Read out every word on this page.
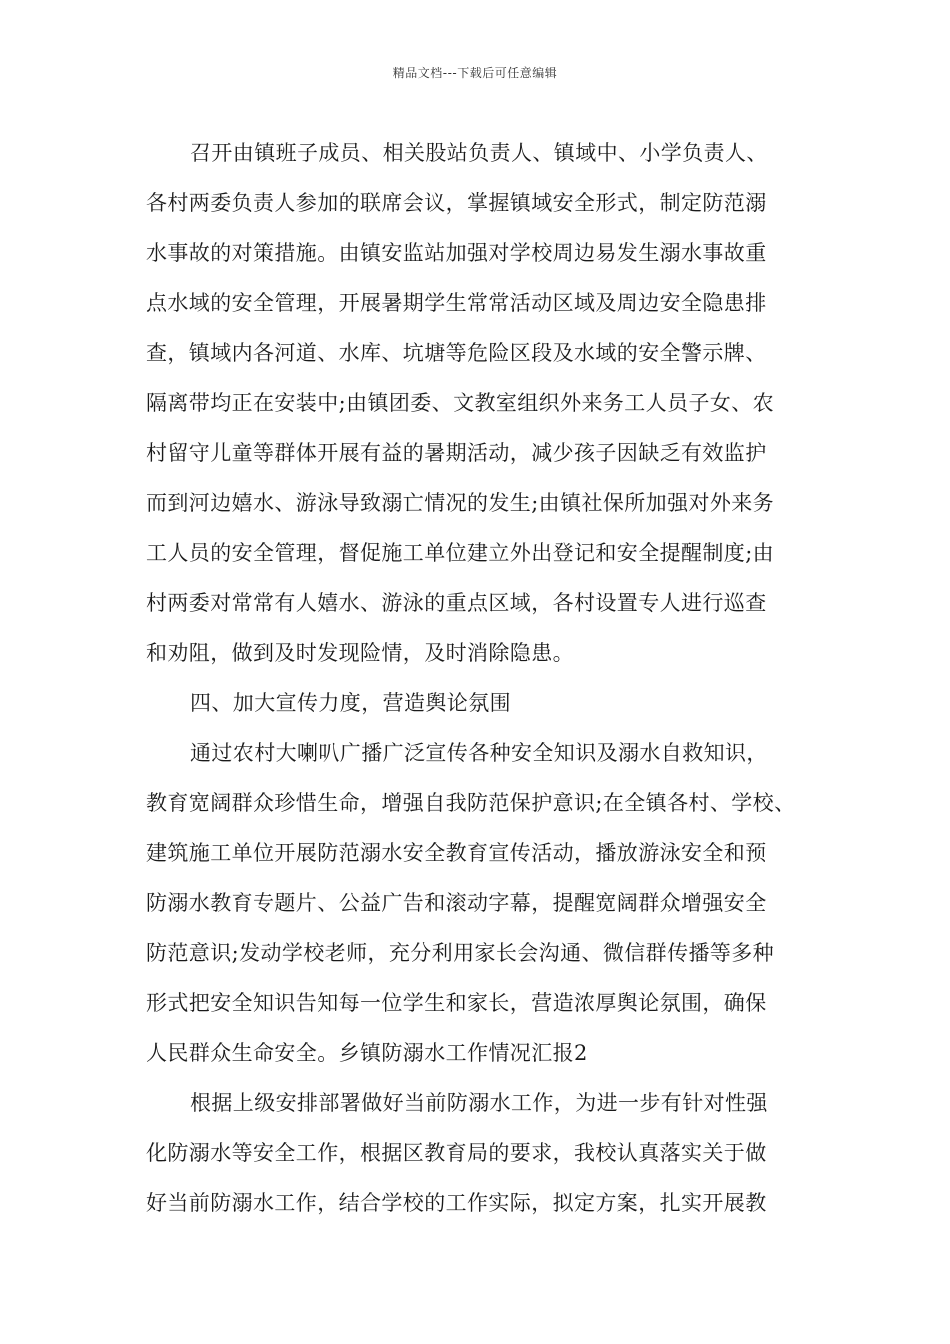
精品文档---下载后可任意编辑
召开由镇班子成员、相关股站负责人、镇域中、小学负责人、
各村两委负责人参加的联席会议，掌握镇域安全形式，制定防范溺
水事故的对策措施。由镇安监站加强对学校周边易发生溺水事故重
点水域的安全管理，开展暑期学生常常活动区域及周边安全隐患排
查，镇域内各河道、水库、坑塘等危险区段及水域的安全警示牌、
隔离带均正在安装中;由镇团委、文教室组织外来务工人员子女、农
村留守儿童等群体开展有益的暑期活动，减少孩子因缺乏有效监护
而到河边嬉水、游泳导致溺亡情况的发生;由镇社保所加强对外来务
工人员的安全管理，督促施工单位建立外出登记和安全提醒制度;由
村两委对常常有人嬉水、游泳的重点区域，各村设置专人进行巡查
和劝阻，做到及时发现险情，及时消除隐患。
四、加大宣传力度，营造舆论氛围
通过农村大喇叭广播广泛宣传各种安全知识及溺水自救知识，
教育宽阔群众珍惜生命，增强自我防范保护意识;在全镇各村、学校、
建筑施工单位开展防范溺水安全教育宣传活动，播放游泳安全和预
防溺水教育专题片、公益广告和滚动字幕，提醒宽阔群众增强安全
防范意识;发动学校老师，充分利用家长会沟通、微信群传播等多种
形式把安全知识告知每一位学生和家长，营造浓厚舆论氛围，确保
人民群众生命安全。乡镇防溺水工作情况汇报2
根据上级安排部署做好当前防溺水工作，为进一步有针对性强
化防溺水等安全工作，根据区教育局的要求，我校认真落实关于做
好当前防溺水工作，结合学校的工作实际，拟定方案，扎实开展教
